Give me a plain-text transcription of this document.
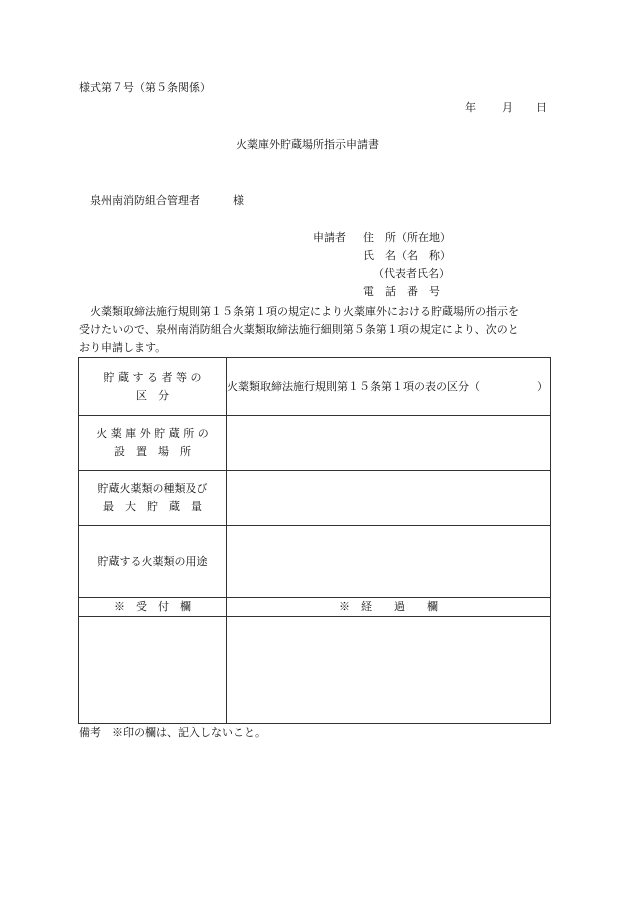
様式第７号（第５条関係）
年 月 日
火薬庫外貯蔵場所指示申請書
泉州南消防組合管理者	様
申請者 住　所（所在地）
氏　名（名　称）
（代表者氏名）
電　話　番　号
火薬類取締法施行規則第１５条第１項の規定により火薬庫外における貯蔵場所の指示を
受けたいので、泉州南消防組合火薬類取締法施行細則第５条第１項の規定により、次のと
おり申請します。
貯 蔵 す る 者 等 の
区　分	火薬類取締法施行規則第１５条第１項の表の区分（ ）

火 薬 庫 外 貯 蔵 所 の
設　置　場　所	

貯蔵火薬類の種類及び
最　大　貯　蔵　量	

貯蔵する火薬類の用途	

※　受　付　欄	※　経　　過　　欄

備考　※印の欄は、記入しないこと。
